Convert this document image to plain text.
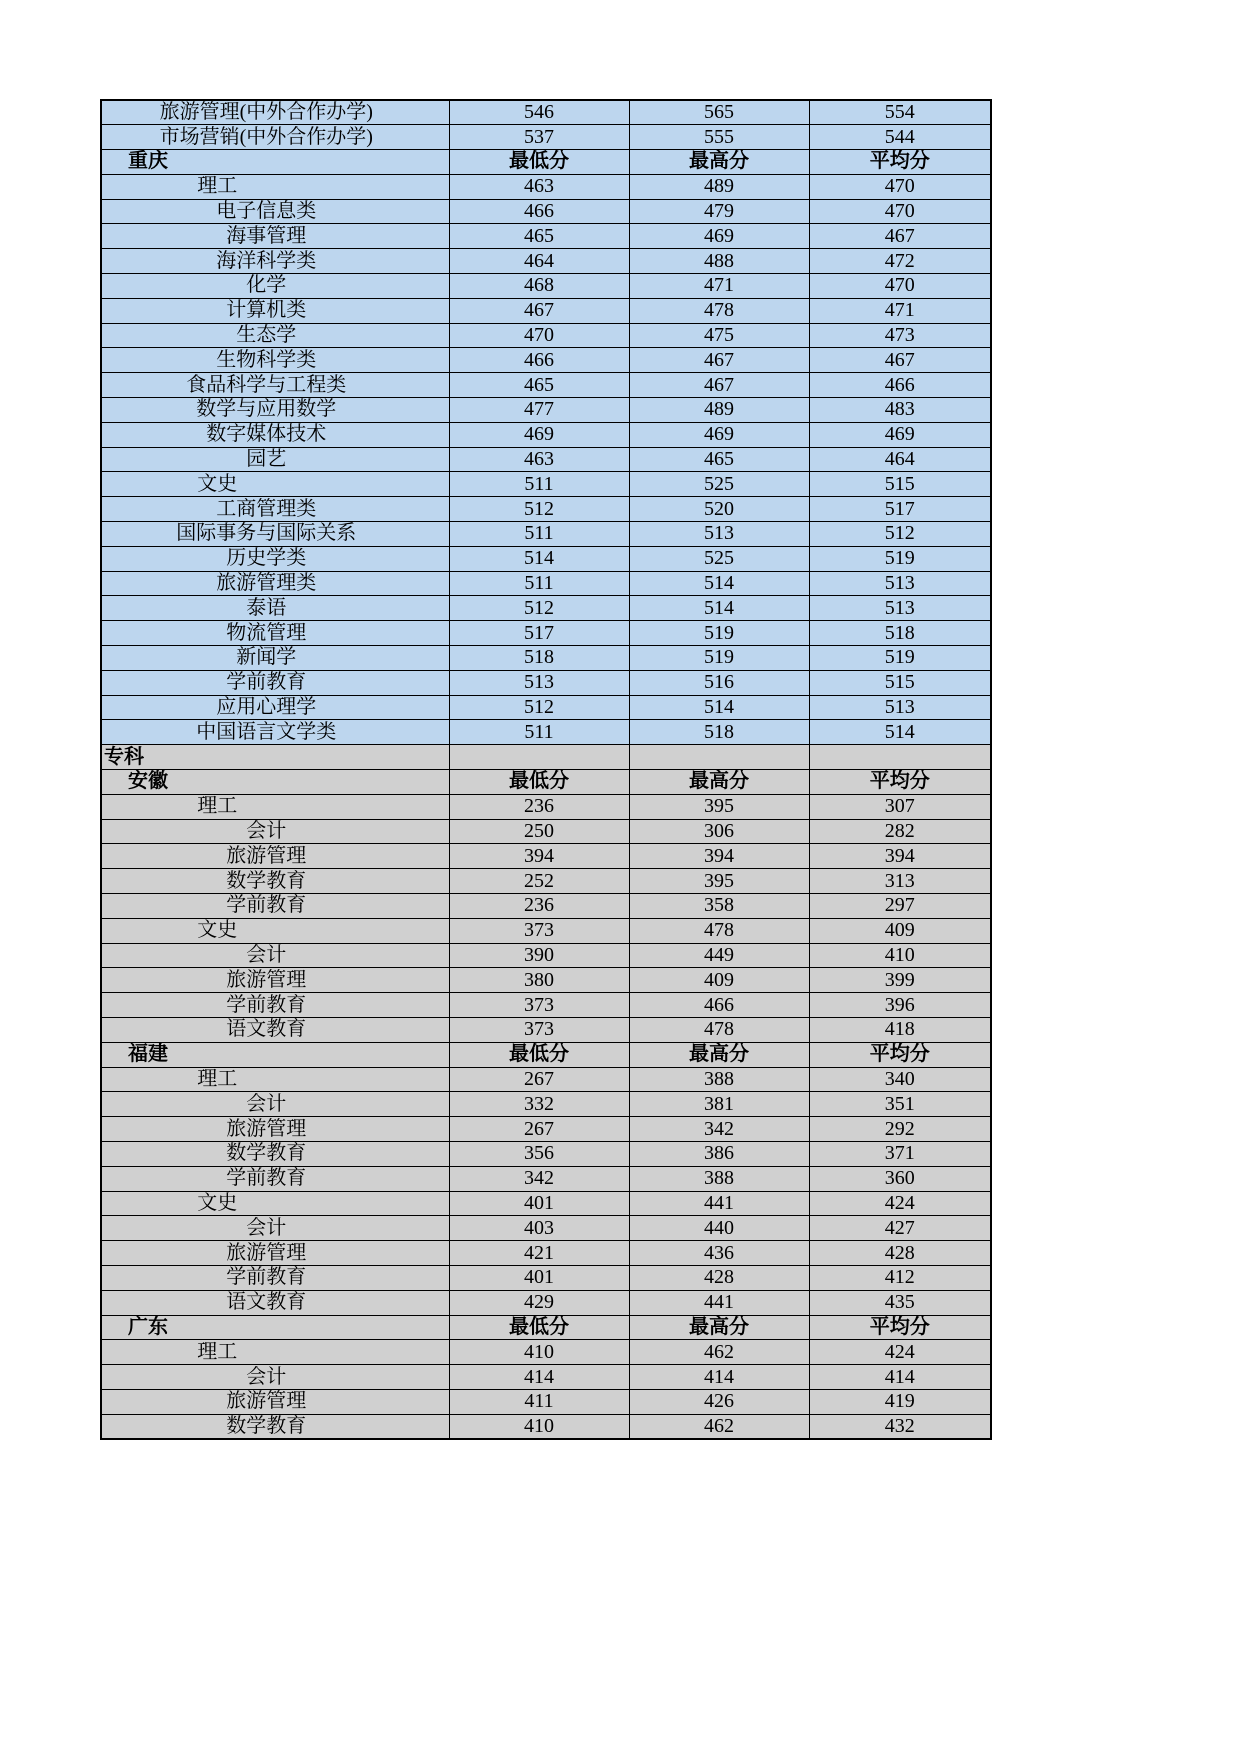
旅游管理(中外合作办学)	546	565	554
市场营销(中外合作办学)	537	555	544
重庆	最低分	最高分	平均分
理工	463	489	470
电子信息类	466	479	470
海事管理	465	469	467
海洋科学类	464	488	472
化学	468	471	470
计算机类	467	478	471
生态学	470	475	473
生物科学类	466	467	467
食品科学与工程类	465	467	466
数学与应用数学	477	489	483
数字媒体技术	469	469	469
园艺	463	465	464
文史	511	525	515
工商管理类	512	520	517
国际事务与国际关系	511	513	512
历史学类	514	525	519
旅游管理类	511	514	513
泰语	512	514	513
物流管理	517	519	518
新闻学	518	519	519
学前教育	513	516	515
应用心理学	512	514	513
中国语言文学类	511	518	514
专科			
安徽	最低分	最高分	平均分
理工	236	395	307
会计	250	306	282
旅游管理	394	394	394
数学教育	252	395	313
学前教育	236	358	297
文史	373	478	409
会计	390	449	410
旅游管理	380	409	399
学前教育	373	466	396
语文教育	373	478	418
福建	最低分	最高分	平均分
理工	267	388	340
会计	332	381	351
旅游管理	267	342	292
数学教育	356	386	371
学前教育	342	388	360
文史	401	441	424
会计	403	440	427
旅游管理	421	436	428
学前教育	401	428	412
语文教育	429	441	435
广东	最低分	最高分	平均分
理工	410	462	424
会计	414	414	414
旅游管理	411	426	419
数学教育	410	462	432
